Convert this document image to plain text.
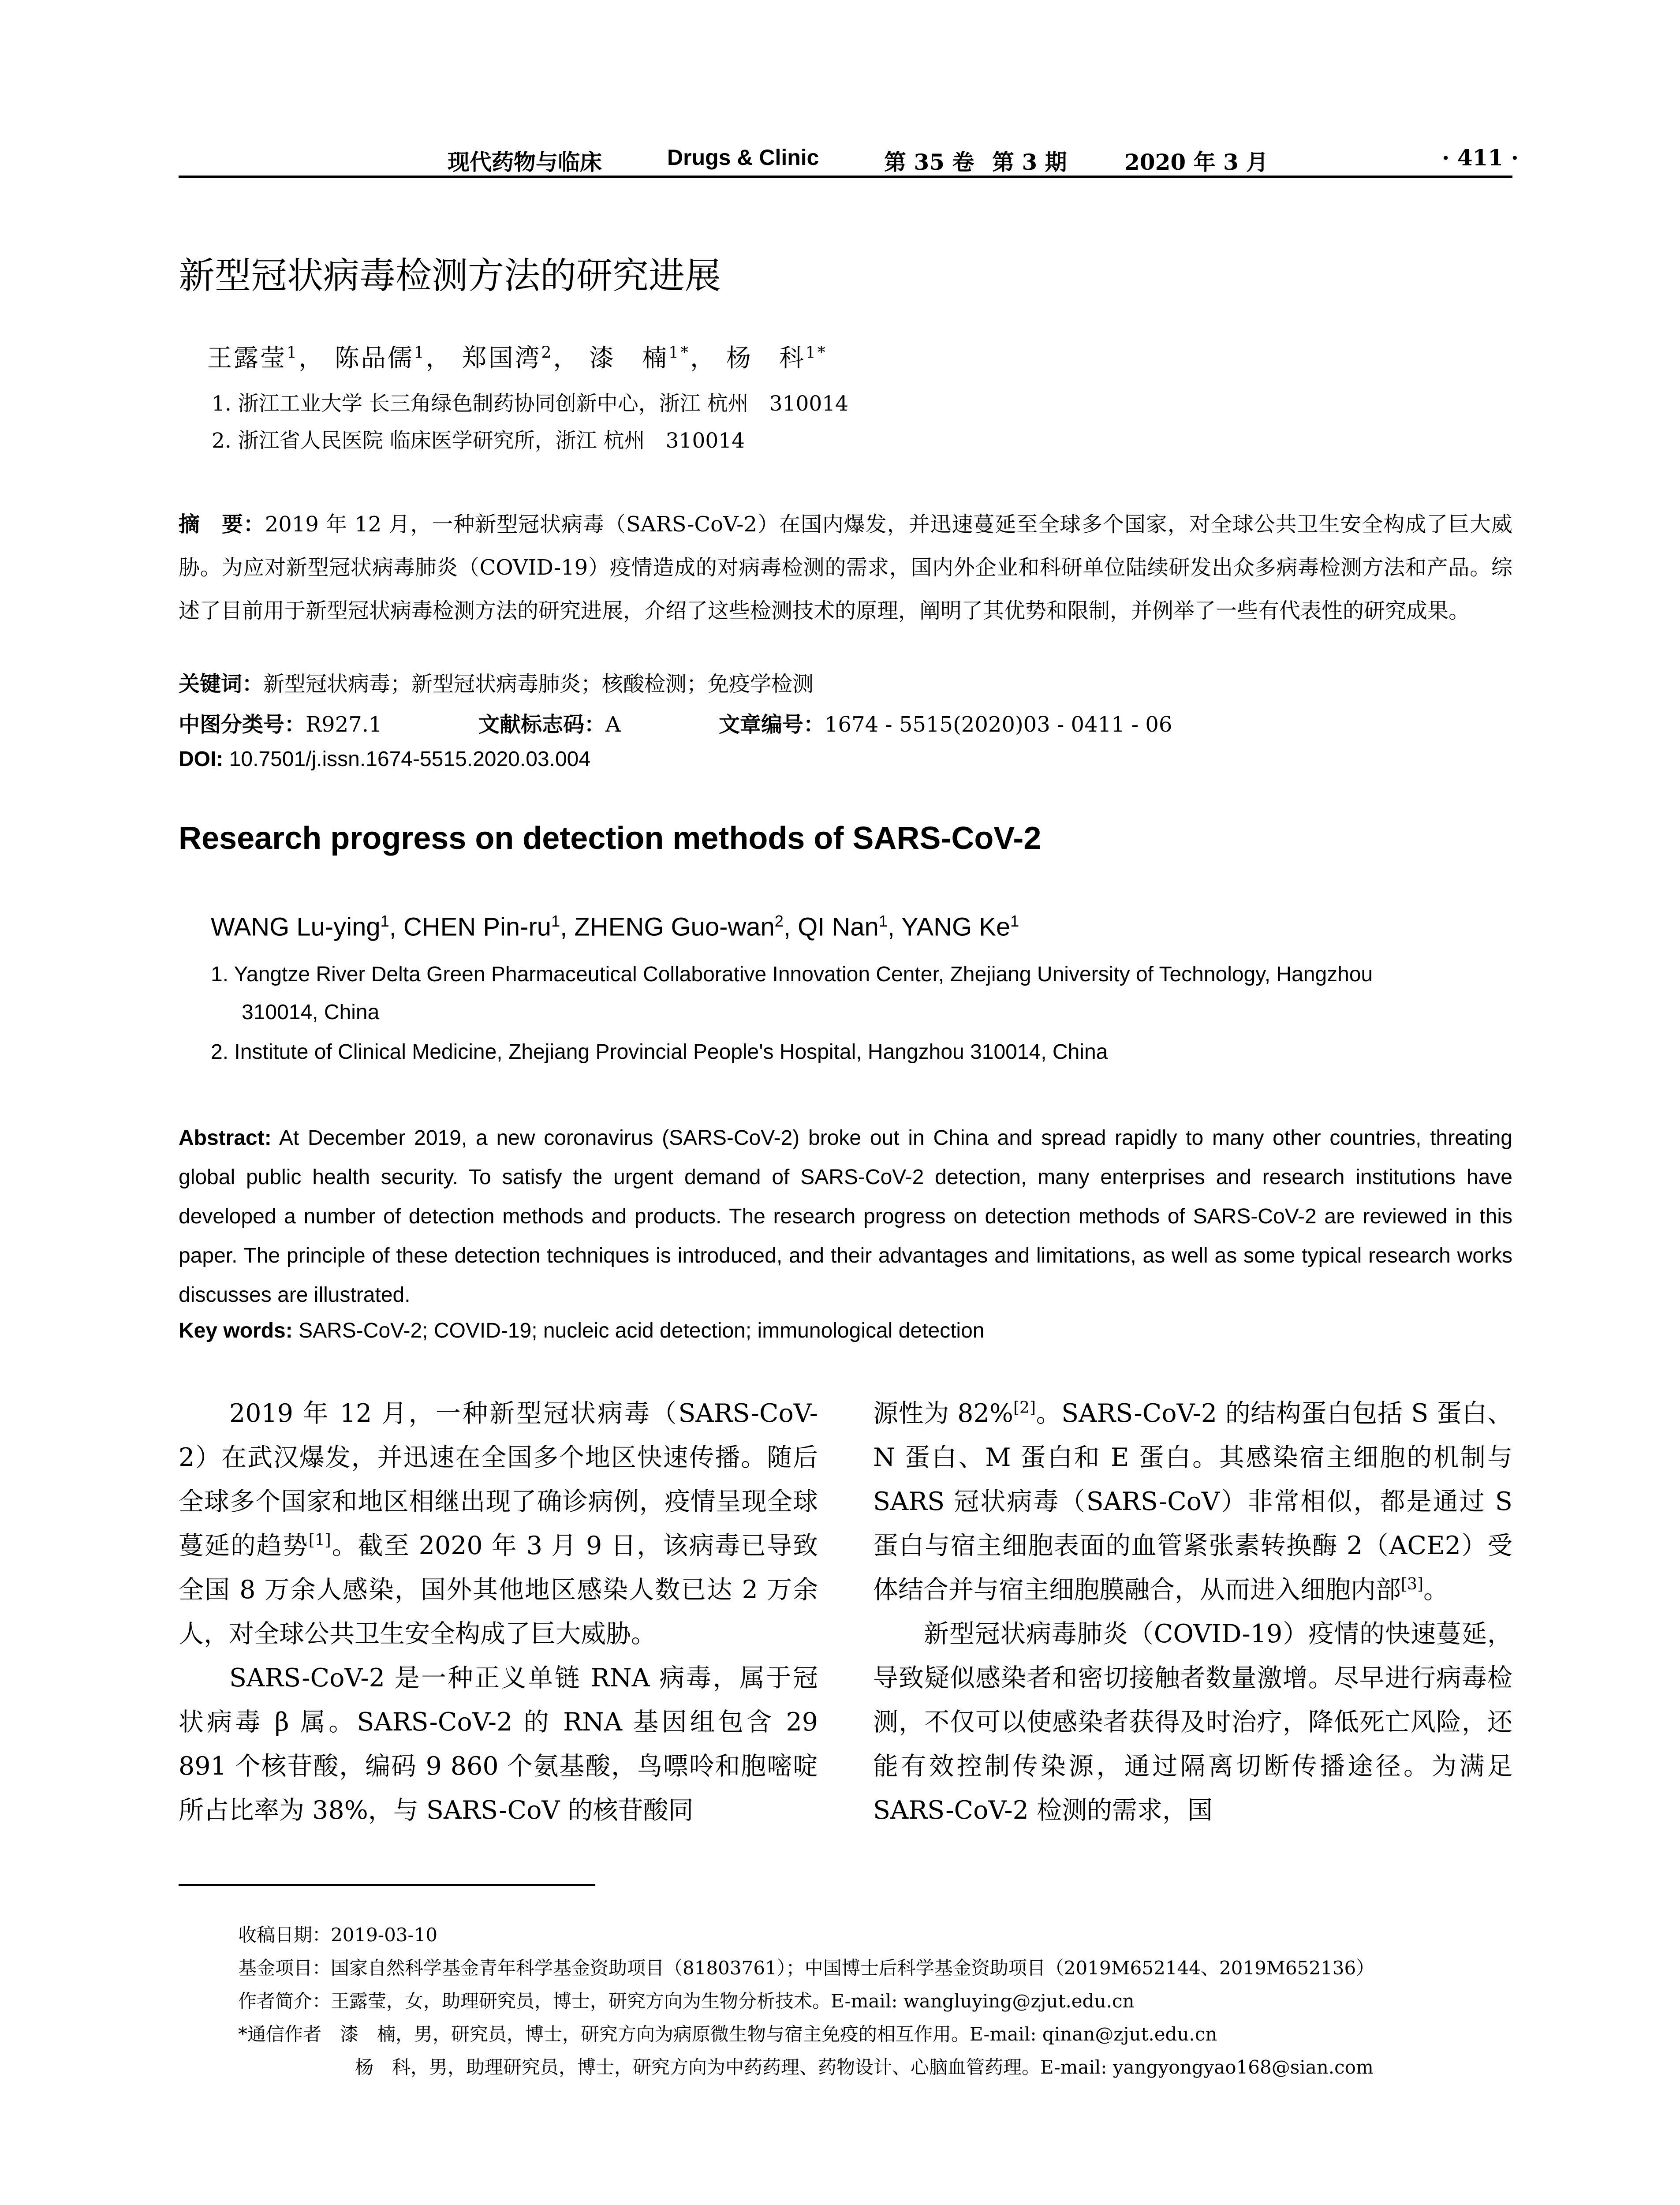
现代药物与临床	Drugs & Clinic	第 35 卷 第 3 期	2020 年 3 月	· 411 ·
新型冠状病毒检测方法的研究进展
王露莹$^1$， 陈品儒$^1$， 郑国湾$^2$， 漆　楠$^{1*}$， 杨　科$^{1*}$
1. 浙江工业大学 长三角绿色制药协同创新中心，浙江 杭州　310014
2. 浙江省人民医院 临床医学研究所，浙江 杭州　310014
摘　要：2019 年 12 月，一种新型冠状病毒（SARS-CoV-2）在国内爆发，并迅速蔓延至全球多个国家，对全球公共卫生安全构成了巨大威胁。为应对新型冠状病毒肺炎（COVID-19）疫情造成的对病毒检测的需求，国内外企业和科研单位陆续研发出众多病毒检测方法和产品。综述了目前用于新型冠状病毒检测方法的研究进展，介绍了这些检测技术的原理，阐明了其优势和限制，并例举了一些有代表性的研究成果。
关键词：新型冠状病毒；新型冠状病毒肺炎；核酸检测；免疫学检测
中图分类号：R927.1	文献标志码：A	文章编号：1674 - 5515(2020)03 - 0411 - 06
DOI: 10.7501/j.issn.1674-5515.2020.03.004
Research progress on detection methods of SARS-CoV-2
WANG Lu-ying$^1$, CHEN Pin-$ru^1$, ZHENG Guo-wan$^2$, QI Nan$^1$, YANG Ke$^1$
1. Yangtze River Delta Green Pharmaceutical Collaborative Innovation Center, Zhejiang University of Technology, Hangzhou
310014, China
2. Institute of Clinical Medicine, Zhejiang Provincial People's Hospital, Hangzhou 310014, China
Abstract: At December 2019, a new coronavirus (SARS-CoV-2) broke out in China and spread rapidly to many other countries, threating global public health security. To satisfy the urgent demand of SARS-CoV-2 detection, many enterprises and research institutions have developed a number of detection methods and products. The research progress on detection methods of SARS-CoV-2 are reviewed in this paper. The principle of these detection techniques is introduced, and their advantages and limitations, as well as some typical research works discusses are illustrated.
Key words: SARS-CoV-2; COVID-19; nucleic acid detection; immunological detection

2019 年 12 月，一种新型冠状病毒（SARS-CoV-2）在武汉爆发，并迅速在全国多个地区快速传播。随后全球多个国家和地区相继出现了确诊病例，疫情呈现全球蔓延的趋势[1]。截至 2020 年 3 月 9 日，该病毒已导致全国 8 万余人感染，国外其他地区感染人数已达 2 万余人，对全球公共卫生安全构成了巨大威胁。

SARS-CoV-2 是一种正义单链 RNA 病毒，属于冠状病毒 β 属。SARS-CoV-2 的 RNA 基因组包含 29 891 个核苷酸，编码 9 860 个氨基酸，鸟嘌呤和胞嘧啶所占比率为 38%，与 SARS-CoV 的核苷酸同

源性为 82%[2]。SARS-CoV-2 的结构蛋白包括 S 蛋白、N 蛋白、M 蛋白和 E 蛋白。其感染宿主细胞的机制与 SARS 冠状病毒（SARS-CoV）非常相似，都是通过 S 蛋白与宿主细胞表面的血管紧张素转换酶 2（ACE2）受体结合并与宿主细胞膜融合，从而进入细胞内部[3]。

新型冠状病毒肺炎（COVID-19）疫情的快速蔓延，导致疑似感染者和密切接触者数量激增。尽早进行病毒检测，不仅可以使感染者获得及时治疗，降低死亡风险，还能有效控制传染源，通过隔离切断传播途径。为满足 SARS-CoV-2 检测的需求，国

收稿日期：2019-03-10
基金项目：国家自然科学基金青年科学基金资助项目（81803761）；中国博士后科学基金资助项目（2019M652144、2019M652136）
作者简介：王露莹，女，助理研究员，博士，研究方向为生物分析技术。E-mail: wangluying@zjut.edu.cn
*通信作者　漆　楠，男，研究员，博士，研究方向为病原微生物与宿主免疫的相互作用。E-mail: qinan@zjut.edu.cn
杨　科，男，助理研究员，博士，研究方向为中药药理、药物设计、心脑血管药理。E-mail: yangyongyao168@sian.com
